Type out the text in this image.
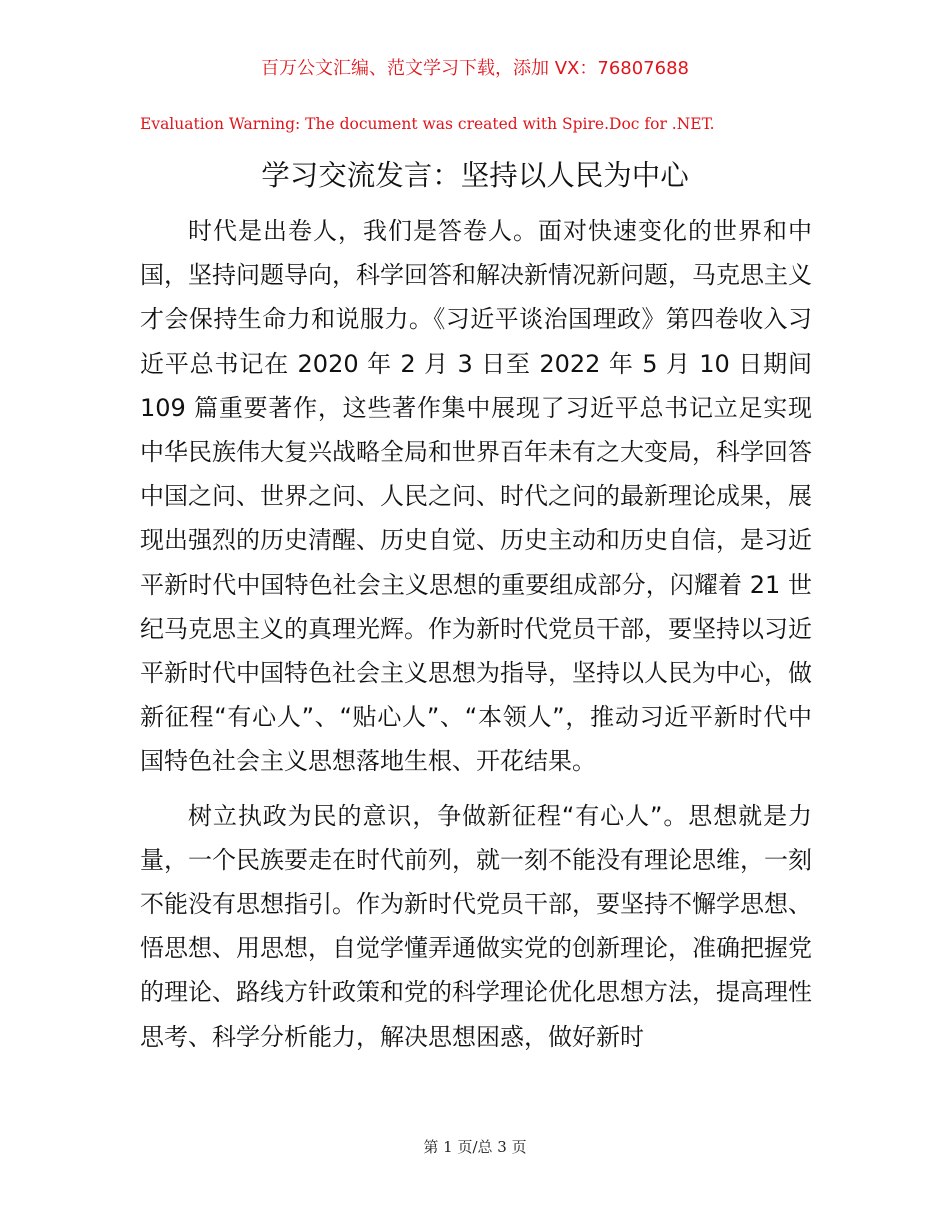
百万公文汇编、范文学习下载，添加 VX：76807688
Evaluation Warning: The document was created with Spire.Doc for .NET.
学习交流发言：坚持以人民为中心

时代是出卷人，我们是答卷人。面对快速变化的世界和中国，坚持问题导向，科学回答和解决新情况新问题，马克思主义才会保持生命力和说服力。《习近平谈治国理政》第四卷收入习近平总书记在 2020 年 2 月 3 日至 2022 年 5 月 10 日期间 109 篇重要著作，这些著作集中展现了习近平总书记立足实现中华民族伟大复兴战略全局和世界百年未有之大变局，科学回答中国之问、世界之问、人民之问、时代之问的最新理论成果，展现出强烈的历史清醒、历史自觉、历史主动和历史自信，是习近平新时代中国特色社会主义思想的重要组成部分，闪耀着 21 世纪马克思主义的真理光辉。作为新时代党员干部，要坚持以习近平新时代中国特色社会主义思想为指导，坚持以人民为中心，做新征程“有心人”、“贴心人”、“本领人”，推动习近平新时代中国特色社会主义思想落地生根、开花结果。

树立执政为民的意识，争做新征程“有心人”。思想就是力量，一个民族要走在时代前列，就一刻不能没有理论思维，一刻不能没有思想指引。作为新时代党员干部，要坚持不懈学思想、悟思想、用思想，自觉学懂弄通做实党的创新理论，准确把握党的理论、路线方针政策和党的科学理论优化思想方法，提高理性思考、科学分析能力，解决思想困惑，做好新时

第 1 页/总 3 页
